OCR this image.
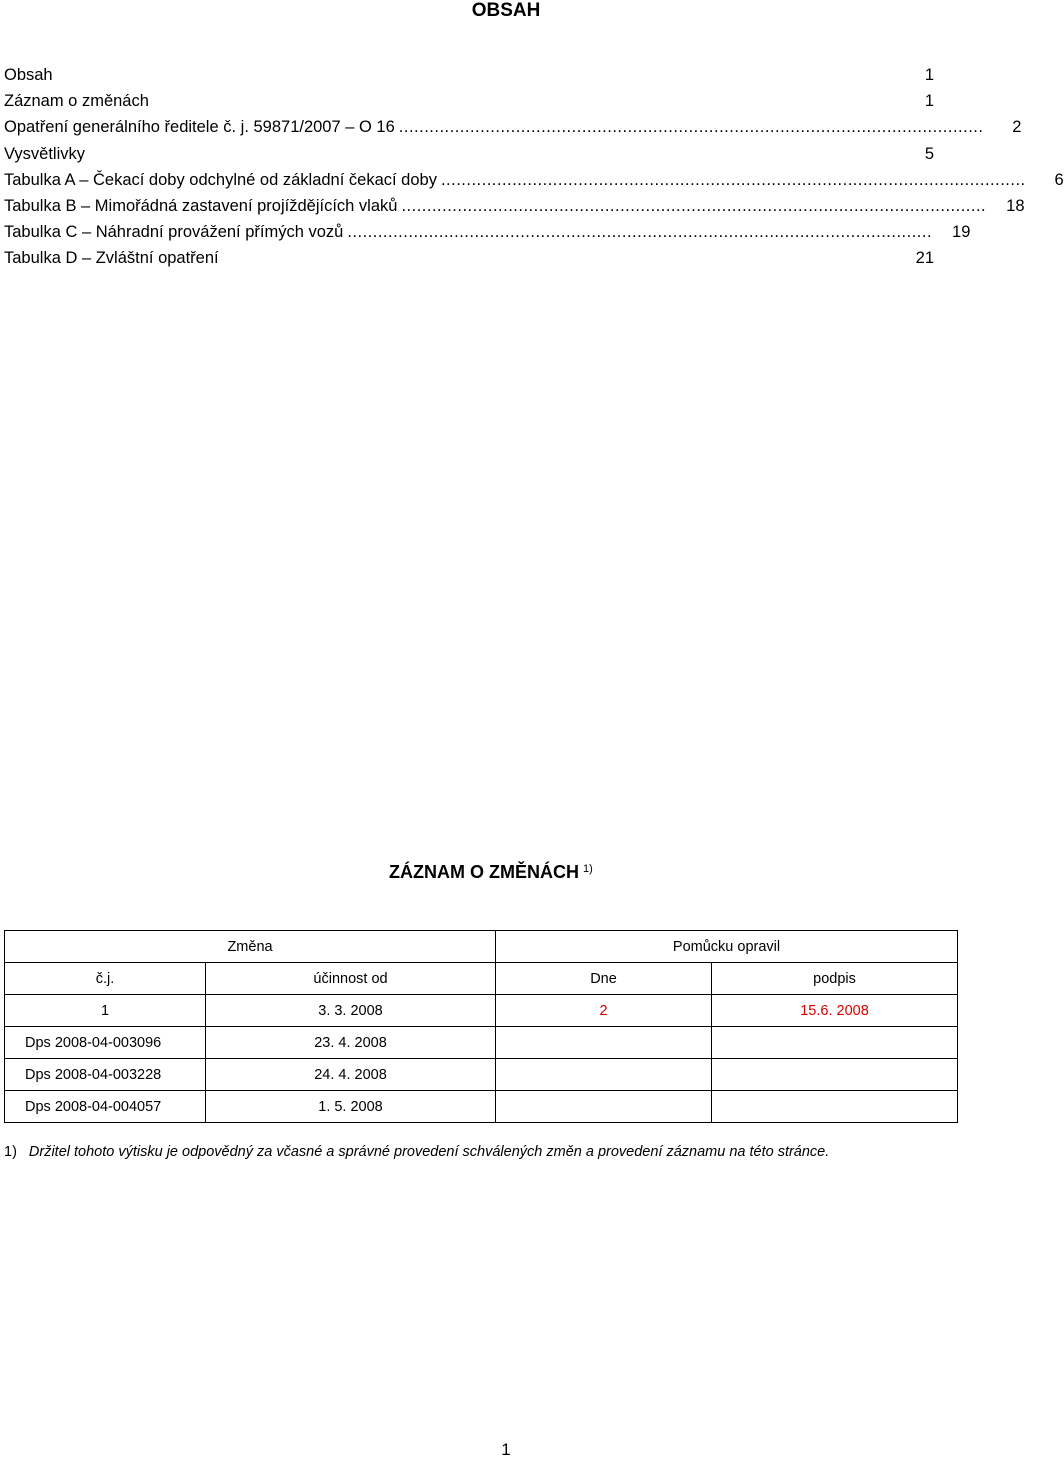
OBSAH
Obsah	1
Záznam o změnách	1
Opatření generálního ředitele č. j. 59871/2007 – O 16 ...................................................................................................................	2
Vysvětlivky	5
Tabulka A – Čekací doby odchylné od základní čekací doby ...................................................................................................................	6
Tabulka B – Mimořádná zastavení projíždějících vlaků ................................................................................................................... 18
Tabulka C – Náhradní provážení přímých vozů ................................................................................................................... 19
Tabulka D – Zvláštní opatření	21
ZÁZNAM O ZMĚNÁCH $^{1)}$
Změna		Pomůcku opravil	
č.j.	účinnost od	Dne	podpis
1	3. 3. 2008	2	15.6. 2008
Dps 2008-04-003096	23. 4. 2008		
Dps 2008-04-003228	24. 4. 2008		
Dps 2008-04-004057	1. 5. 2008		
1) Držitel tohoto výtisku je odpovědný za včasné a správné provedení schválených změn a provedení záznamu na této stránce.
1
